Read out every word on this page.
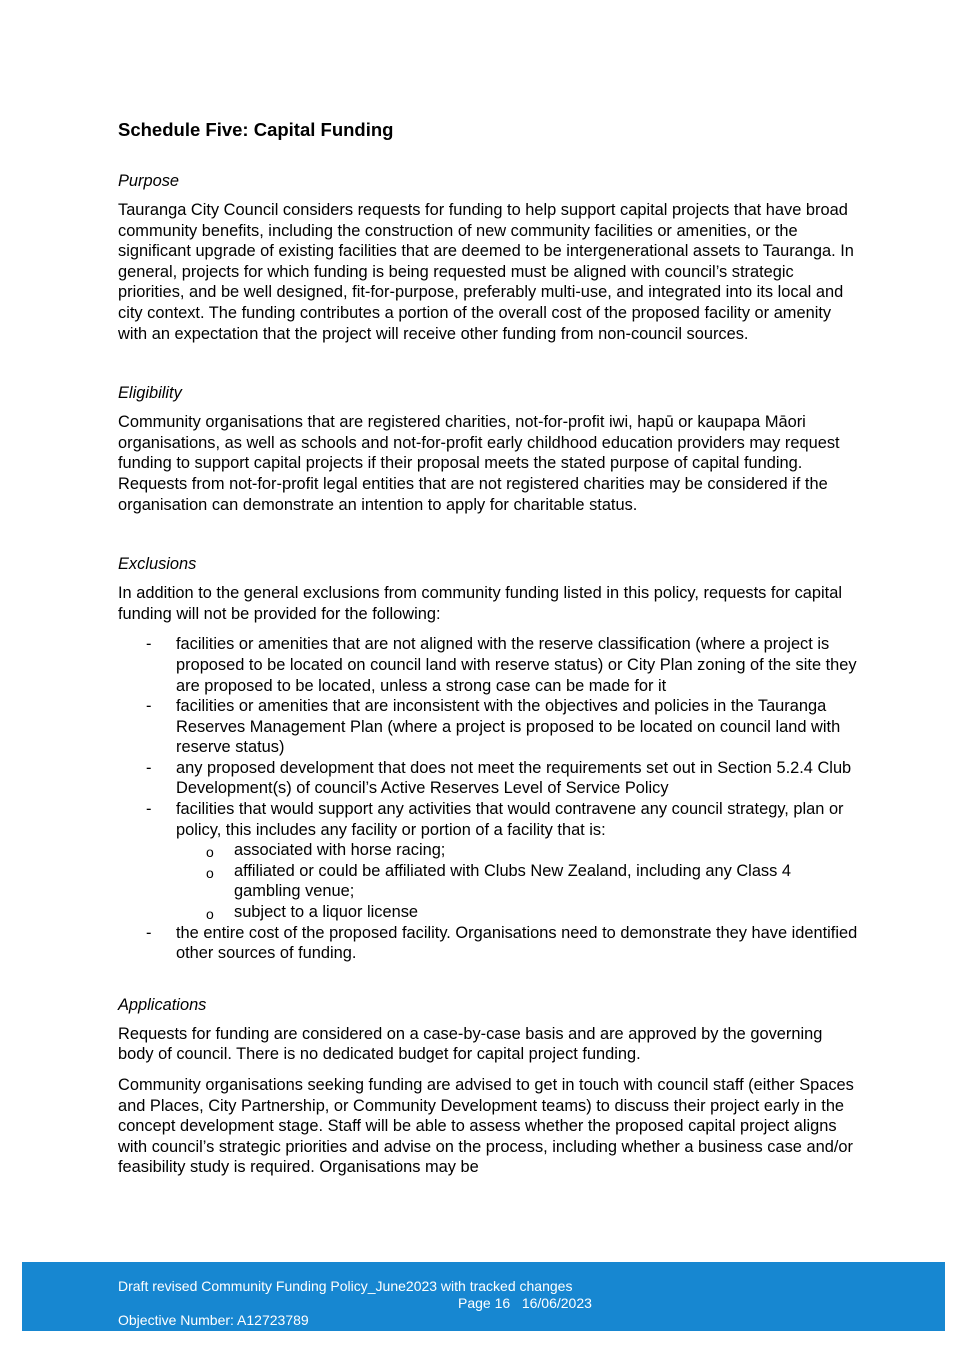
Schedule Five: Capital Funding

Purpose

Tauranga City Council considers requests for funding to help support capital projects that have broad community benefits, including the construction of new community facilities or amenities, or the significant upgrade of existing facilities that are deemed to be intergenerational assets to Tauranga. In general, projects for which funding is being requested must be aligned with council’s strategic priorities, and be well designed, fit-for-purpose, preferably multi-use, and integrated into its local and city context. The funding contributes a portion of the overall cost of the proposed facility or amenity with an expectation that the project will receive other funding from non-council sources.

Eligibility

Community organisations that are registered charities, not-for-profit iwi, hapū or kaupapa Māori organisations, as well as schools and not-for-profit early childhood education providers may request funding to support capital projects if their proposal meets the stated purpose of capital funding. Requests from not-for-profit legal entities that are not registered charities may be considered if the organisation can demonstrate an intention to apply for charitable status.

Exclusions

In addition to the general exclusions from community funding listed in this policy, requests for capital funding will not be provided for the following:

- facilities or amenities that are not aligned with the reserve classification (where a project is proposed to be located on council land with reserve status) or City Plan zoning of the site they are proposed to be located, unless a strong case can be made for it
- facilities or amenities that are inconsistent with the objectives and policies in the Tauranga Reserves Management Plan (where a project is proposed to be located on council land with reserve status)
- any proposed development that does not meet the requirements set out in Section 5.2.4 Club Development(s) of council’s Active Reserves Level of Service Policy
- facilities that would support any activities that would contravene any council strategy, plan or policy, this includes any facility or portion of a facility that is:
o associated with horse racing;
o affiliated or could be affiliated with Clubs New Zealand, including any Class 4 gambling venue;
o subject to a liquor license
- the entire cost of the proposed facility. Organisations need to demonstrate they have identified other sources of funding.

Applications

Requests for funding are considered on a case-by-case basis and are approved by the governing body of council. There is no dedicated budget for capital project funding.

Community organisations seeking funding are advised to get in touch with council staff (either Spaces and Places, City Partnership, or Community Development teams) to discuss their project early in the concept development stage. Staff will be able to assess whether the proposed capital project aligns with council’s strategic priorities and advise on the process, including whether a business case and/or feasibility study is required. Organisations may be

Draft revised Community Funding Policy_June2023 with tracked changes
Page 16   16/06/2023
Objective Number: A12723789
